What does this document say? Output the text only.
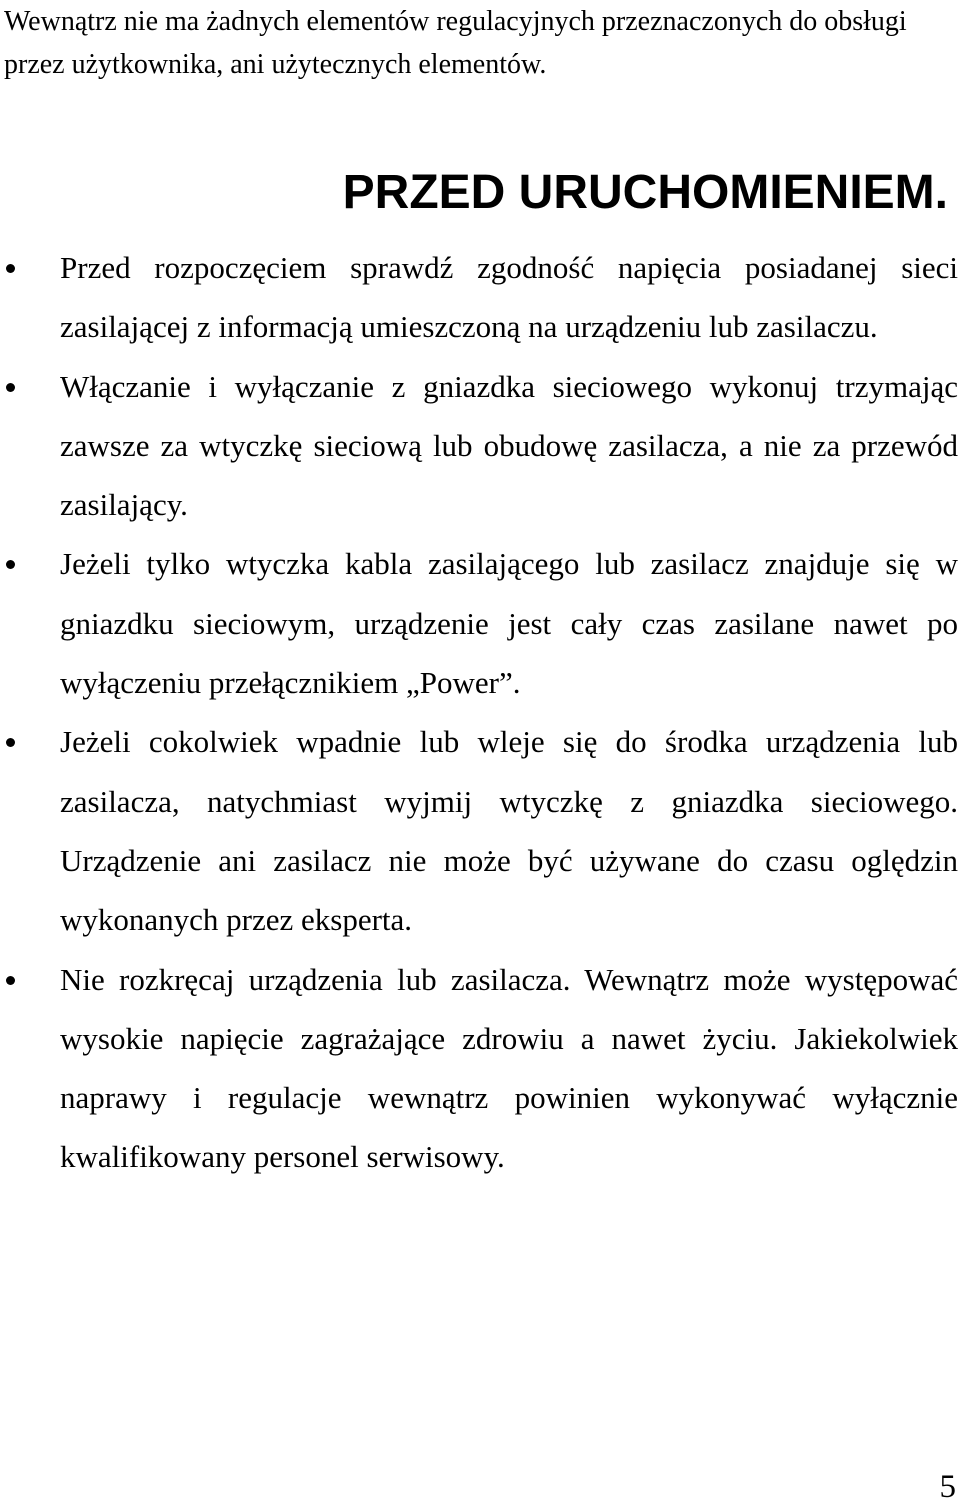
Wewnątrz nie ma żadnych elementów regulacyjnych przeznaczonych do obsługi przez użytkownika, ani użytecznych elementów.

PRZED URUCHOMIENIEM.
Przed rozpoczęciem sprawdź zgodność napięcia posiadanej sieci zasilającej z informacją umieszczoną na urządzeniu lub zasilaczu.
Włączanie i wyłączanie z gniazdka sieciowego wykonuj trzymając zawsze za wtyczkę sieciową lub obudowę zasilacza, a nie za przewód zasilający.
Jeżeli tylko wtyczka kabla zasilającego lub zasilacz znajduje się w gniazdku sieciowym, urządzenie jest cały czas zasilane nawet po wyłączeniu przełącznikiem „Power”.
Jeżeli cokolwiek wpadnie lub wleje się do środka urządzenia lub zasilacza, natychmiast wyjmij wtyczkę z gniazdka sieciowego. Urządzenie ani zasilacz nie może być używane do czasu oględzin wykonanych przez eksperta.
Nie rozkręcaj urządzenia lub zasilacza. Wewnątrz może występować wysokie napięcie zagrażające zdrowiu a nawet życiu. Jakiekolwiek naprawy i regulacje wewnątrz powinien wykonywać wyłącznie kwalifikowany personel serwisowy.
5
